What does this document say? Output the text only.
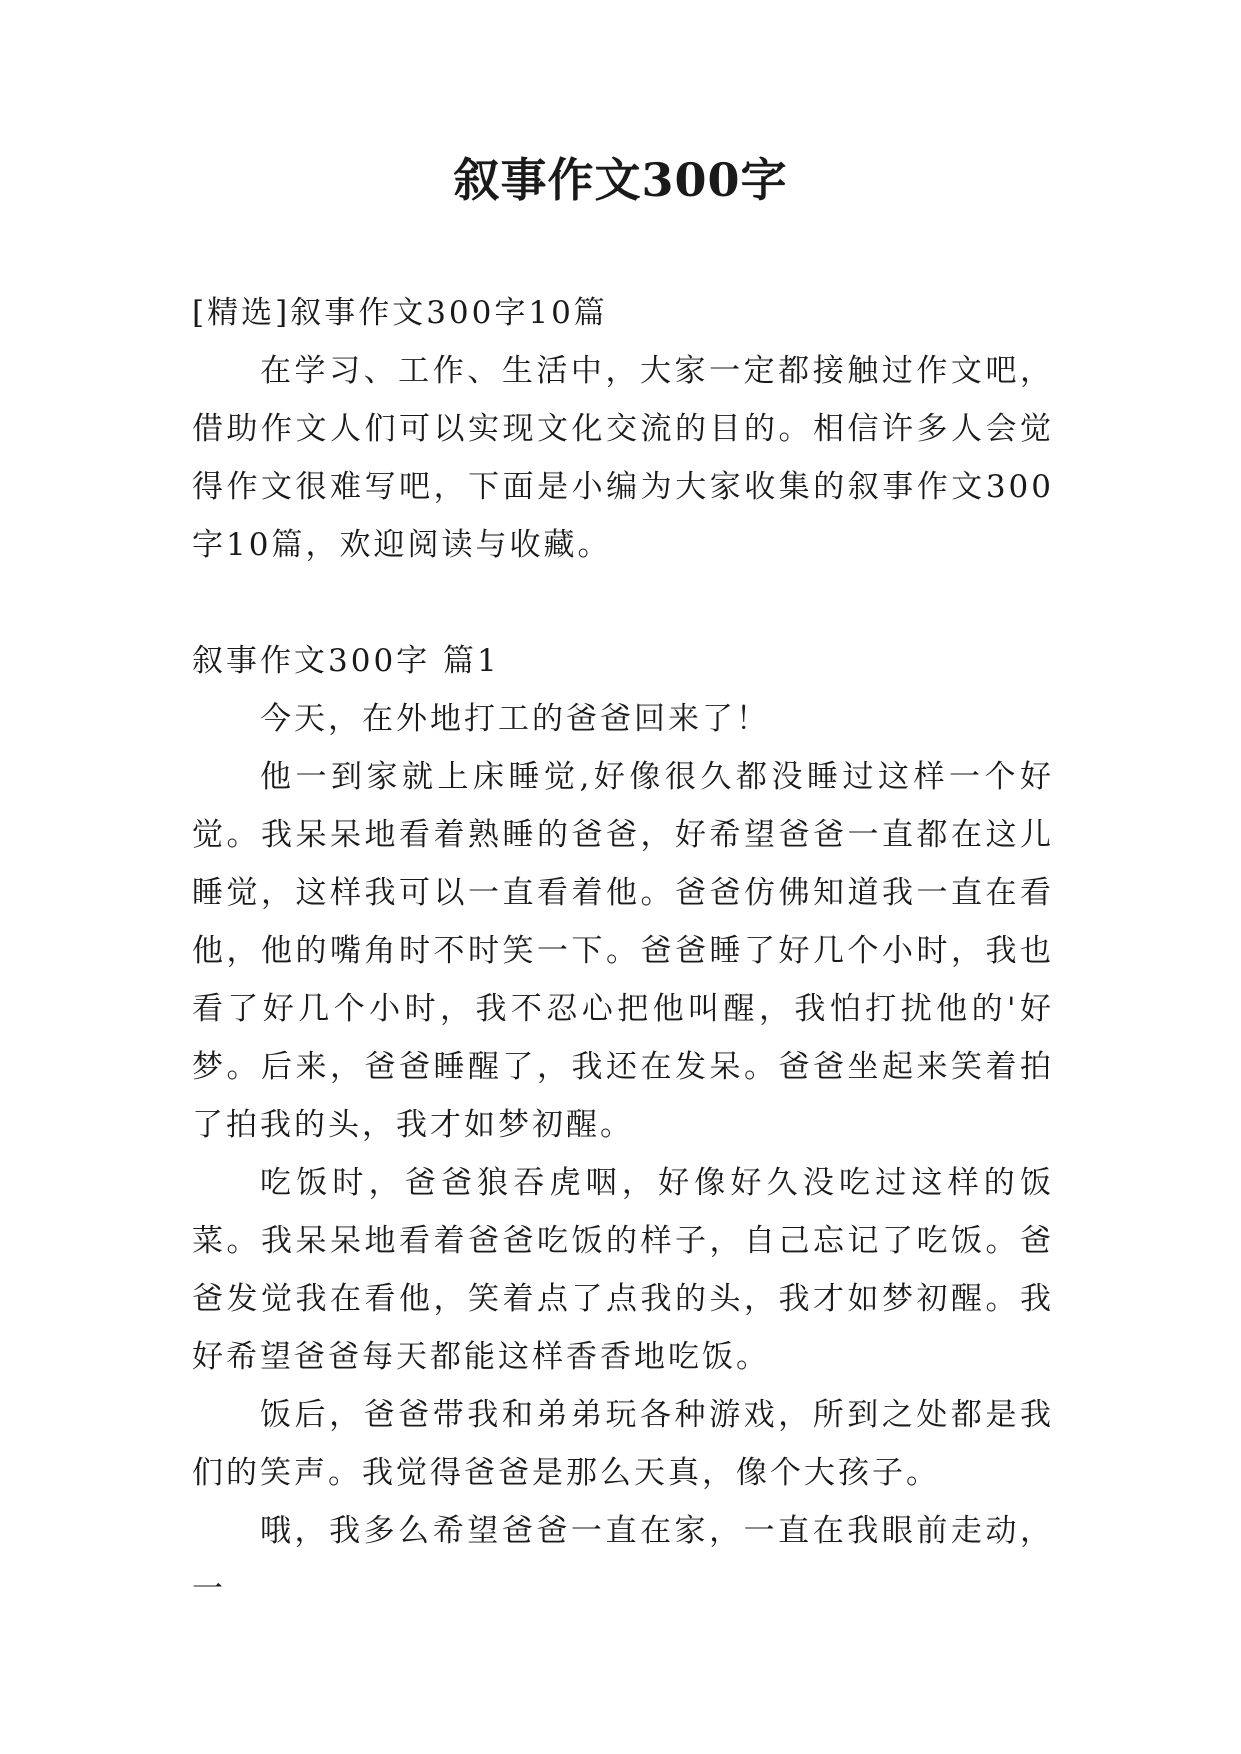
叙事作文300字

[精选]叙事作文300字10篇

在学习、工作、生活中，大家一定都接触过作文吧，借助作文人们可以实现文化交流的目的。相信许多人会觉得作文很难写吧，下面是小编为大家收集的叙事作文300字10篇，欢迎阅读与收藏。

叙事作文300字 篇1

今天，在外地打工的爸爸回来了！

他一到家就上床睡觉,好像很久都没睡过这样一个好觉。我呆呆地看着熟睡的爸爸，好希望爸爸一直都在这儿睡觉，这样我可以一直看着他。爸爸仿佛知道我一直在看他，他的嘴角时不时笑一下。爸爸睡了好几个小时，我也看了好几个小时，我不忍心把他叫醒，我怕打扰他的'好梦。后来，爸爸睡醒了，我还在发呆。爸爸坐起来笑着拍了拍我的头，我才如梦初醒。

吃饭时，爸爸狼吞虎咽，好像好久没吃过这样的饭菜。我呆呆地看着爸爸吃饭的样子，自己忘记了吃饭。爸爸发觉我在看他，笑着点了点我的头，我才如梦初醒。我好希望爸爸每天都能这样香香地吃饭。

饭后，爸爸带我和弟弟玩各种游戏，所到之处都是我们的笑声。我觉得爸爸是那么天真，像个大孩子。

哦，我多么希望爸爸一直在家，一直在我眼前走动，一
